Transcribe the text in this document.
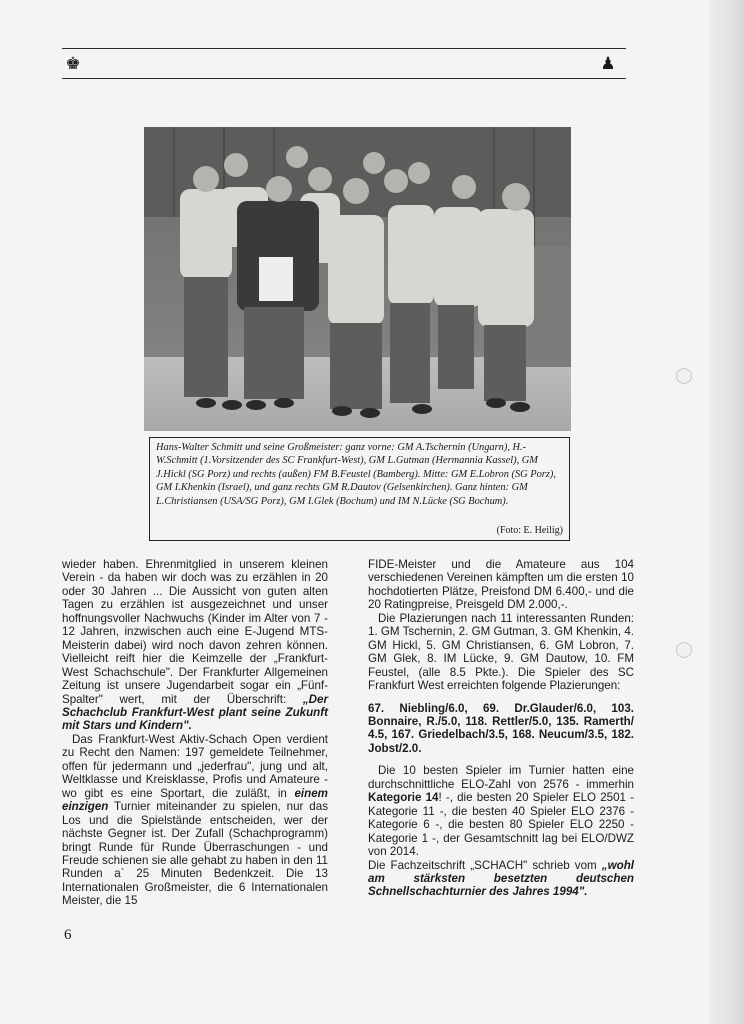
♚	♟
Hans-Walter Schmitt und seine Großmeister: ganz vorne: GM A.Tschernin (Ungarn), H.-W.Schmitt (1.Vorsitzender des SC Frankfurt-West), GM L.Gutman (Hermannia Kassel), GM J.Hickl (SG Porz) und rechts (außen) FM B.Feustel (Bamberg). Mitte: GM E.Lobron (SG Porz), GM I.Khenkin (Israel), und ganz rechts GM R.Dautov (Gelsenkirchen). Ganz hinten: GM L.Christiansen (USA/SG Porz), GM I.Glek (Bochum) und IM N.Lücke (SG Bochum).
(Foto: E. Heilig)

wieder haben. Ehrenmitglied in unserem kleinen Verein - da haben wir doch was zu erzählen in 20 oder 30 Jahren ... Die Aussicht von guten alten Tagen zu erzählen ist ausgezeichnet und unser hoffnungsvoller Nachwuchs (Kinder im Alter von 7 - 12 Jahren, inzwischen auch eine E-Jugend MTS-Meisterin dabei) wird noch davon zehren können. Vielleicht reift hier die Keimzelle der „Frankfurt-West Schachschule". Der Frankfurter Allgemeinen Zeitung ist unsere Jugendarbeit sogar ein „Fünf-Spalter" wert, mit der Überschrift: „Der Schachclub Frankfurt-West plant seine Zukunft mit Stars und Kindern".

Das Frankfurt-West Aktiv-Schach Open verdient zu Recht den Namen: 197 gemeldete Teilnehmer, offen für jedermann und „jederfrau", jung und alt, Weltklasse und Kreisklasse, Profis und Amateure - wo gibt es eine Sportart, die zuläßt, in einem einzigen Turnier miteinander zu spielen, nur das Los und die Spielstände entscheiden, wer der nächste Gegner ist. Der Zufall (Schachprogramm) bringt Runde für Runde Überraschungen - und Freude schienen sie alle gehabt zu haben in den 11 Runden a` 25 Minuten Bedenkzeit. Die 13 Internationalen Großmeister, die 6 Internationalen Meister, die 15

FIDE-Meister und die Amateure aus 104 verschiedenen Vereinen kämpften um die ersten 10 hochdotierten Plätze, Preisfond DM 6.400,- und die 20 Ratingpreise, Preisgeld DM 2.000,-.

Die Plazierungen nach 11 interessanten Runden: 1. GM Tschernin, 2. GM Gutman, 3. GM Khenkin, 4. GM Hickl, 5. GM Christiansen, 6. GM Lobron, 7. GM Glek, 8. IM Lücke, 9. GM Dautow, 10. FM Feustel, (alle 8.5 Pkte.). Die Spieler des SC Frankfurt West erreichten folgende Plazierungen:

67. Niebling/6.0, 69. Dr.Glauder/6.0, 103. Bonnaire, R./5.0, 118. Rettler/5.0, 135. Ramerth/ 4.5, 167. Griedelbach/3.5, 168. Neucum/3.5, 182. Jobst/2.0.

Die 10 besten Spieler im Turnier hatten eine durchschnittliche ELO-Zahl von 2576 - immerhin Kategorie 14! -, die besten 20 Spieler ELO 2501 - Kategorie 11 -, die besten 40 Spieler ELO 2376 - Kategorie 6 -, die besten 80 Spieler ELO 2250 - Kategorie 1 -, der Gesamtschnitt lag bei ELO/DWZ von 2014.

Die Fachzeitschrift „SCHACH" schrieb vom „wohl am stärksten besetzten deutschen Schnellschachturnier des Jahres 1994".

6
